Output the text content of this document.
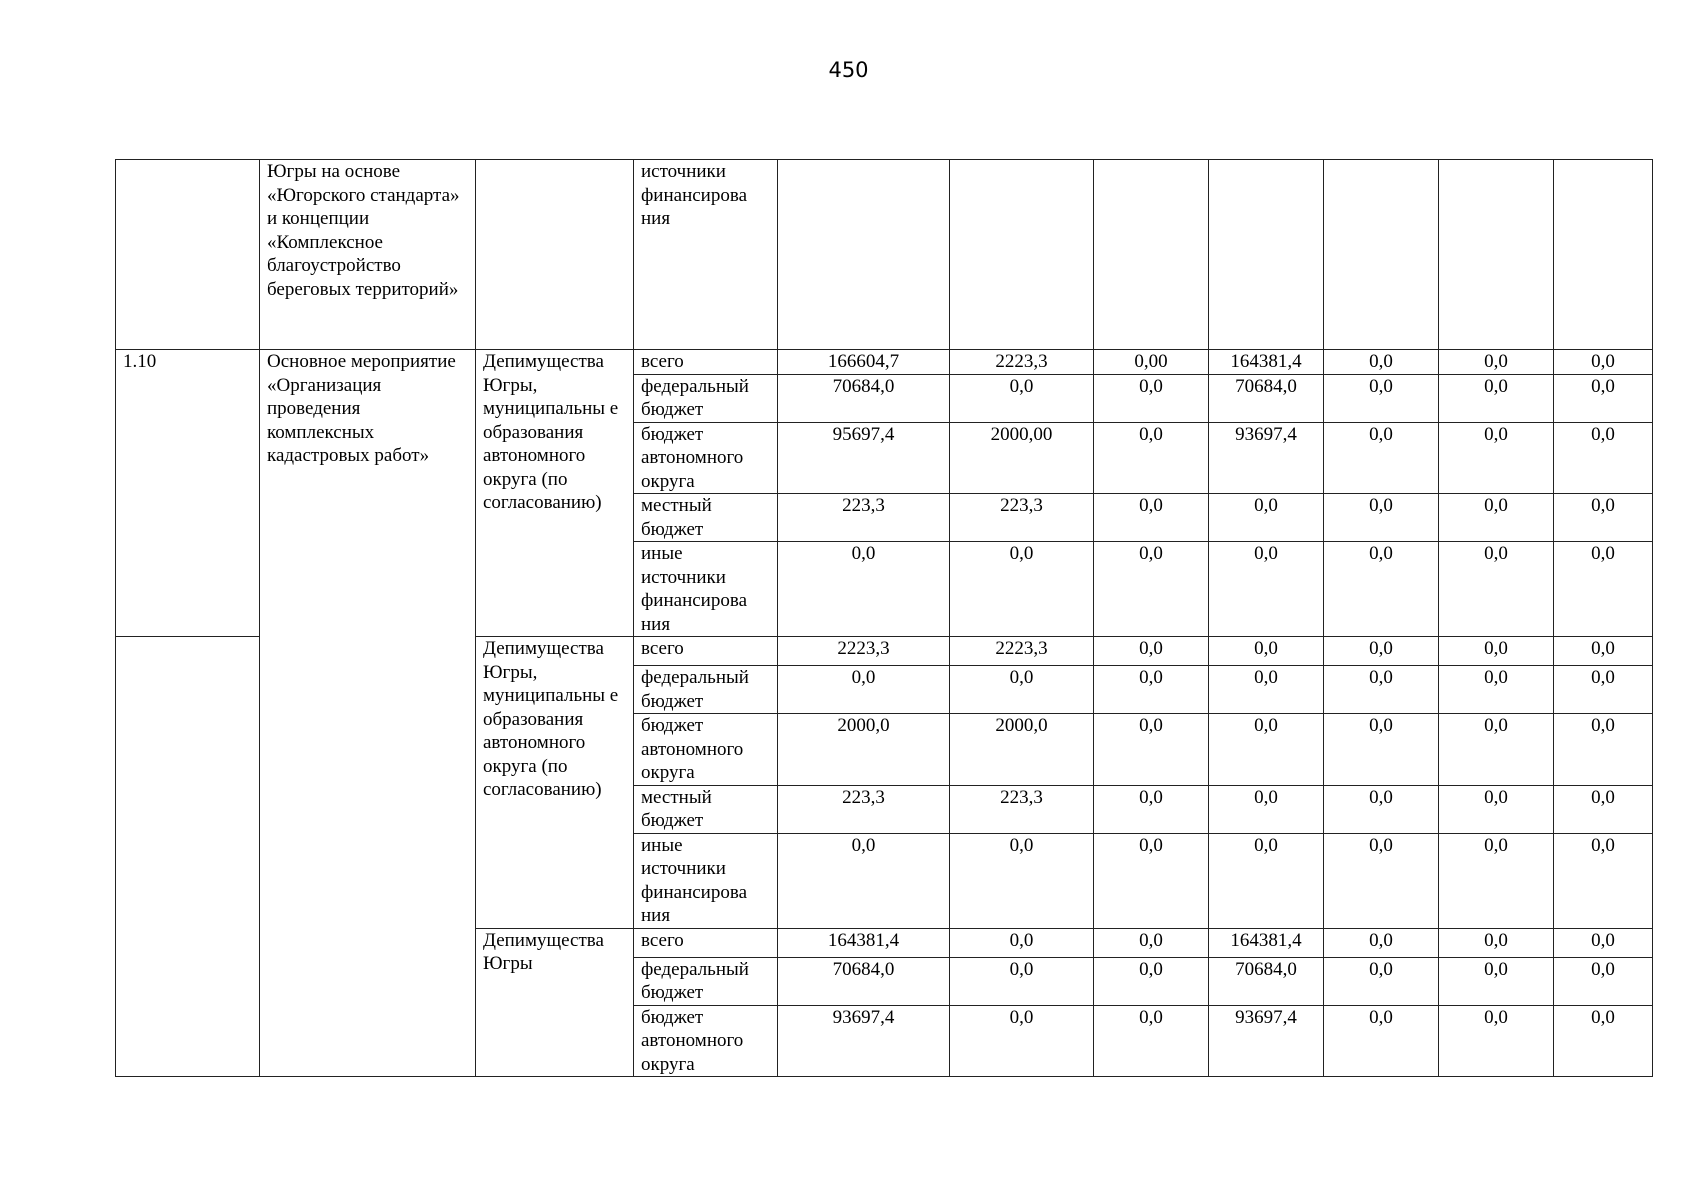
450
	Югры на основе «Югорского стандарта» и концепции «Комплексное благоустройство береговых территорий»		источники финансирова ния							
1.10	Основное мероприятие «Организация проведения комплексных кадастровых работ»	Депимущества Югры, муниципальны е образования автономного округа (по согласованию)	всего	166604,7	2223,3	0,00	164381,4	0,0	0,0	0,0
			федеральный бюджет	70684,0	0,0	0,0	70684,0	0,0	0,0	0,0
			бюджет автономного округа	95697,4	2000,00	0,0	93697,4	0,0	0,0	0,0
			местный бюджет	223,3	223,3	0,0	0,0	0,0	0,0	0,0
			иные источники финансирова ния	0,0	0,0	0,0	0,0	0,0	0,0	0,0
		Депимущества Югры, муниципальны е образования автономного округа (по согласованию)	всего	2223,3	2223,3	0,0	0,0	0,0	0,0	0,0
			федеральный бюджет	0,0	0,0	0,0	0,0	0,0	0,0	0,0
			бюджет автономного округа	2000,0	2000,0	0,0	0,0	0,0	0,0	0,0
			местный бюджет	223,3	223,3	0,0	0,0	0,0	0,0	0,0
			иные источники финансирова ния	0,0	0,0	0,0	0,0	0,0	0,0	0,0
		Депимущества Югры	всего	164381,4	0,0	0,0	164381,4	0,0	0,0	0,0
			федеральный бюджет	70684,0	0,0	0,0	70684,0	0,0	0,0	0,0
			бюджет автономного округа	93697,4	0,0	0,0	93697,4	0,0	0,0	0,0
